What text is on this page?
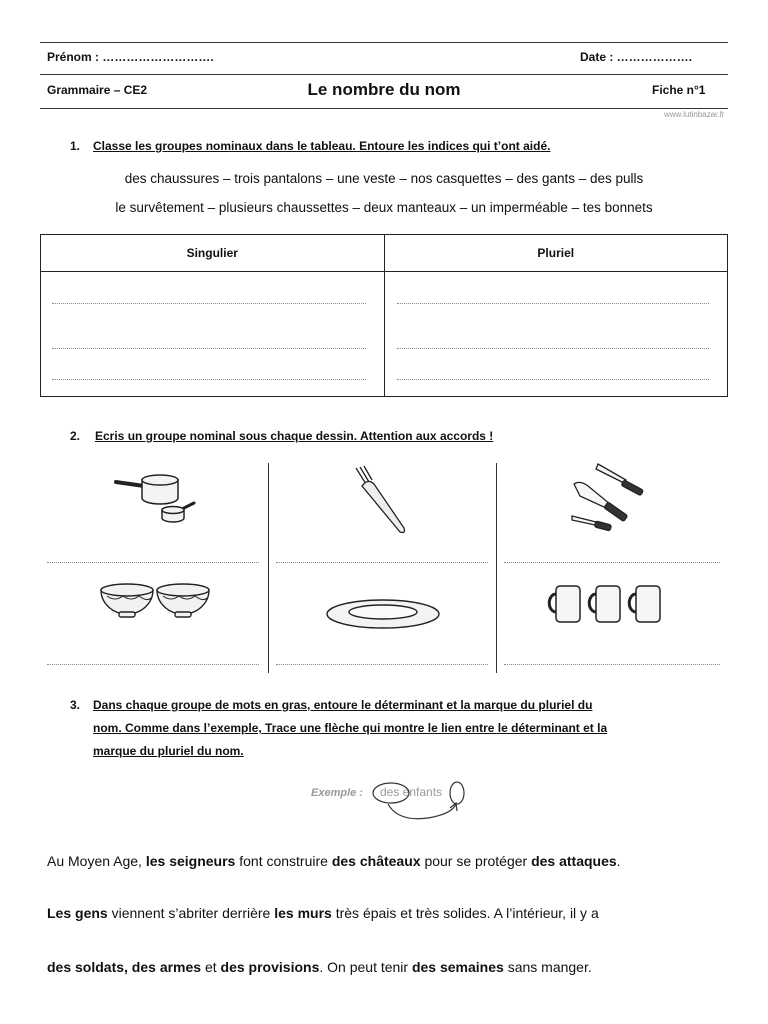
Prénom : ……………………….	Date : ……………….
Grammaire – CE2	Le nombre du nom	Fiche n°1
www.lutinbazar.fr
1. Classe les groupes nominaux dans le tableau. Entoure les indices qui t’ont aidé.
des chaussures – trois pantalons – une veste – nos casquettes – des gants – des pulls
le survêtement – plusieurs chaussettes – deux manteaux – un imperméable – tes bonnets
Singulier	Pluriel

2. Ecris un groupe nominal sous chaque dessin. Attention aux accords !
3. Dans chaque groupe de mots en gras, entoure le déterminant et la marque du pluriel du
nom. Comme dans l’exemple, Trace une flèche qui montre le lien entre le déterminant et la
marque du pluriel du nom.
Exemple : des enfants
Au Moyen Age, les seigneurs font construire des châteaux pour se protéger des attaques.
Les gens viennent s’abriter derrière les murs très épais et très solides. A l’intérieur, il y a
des soldats, des armes et des provisions. On peut tenir des semaines sans manger.
